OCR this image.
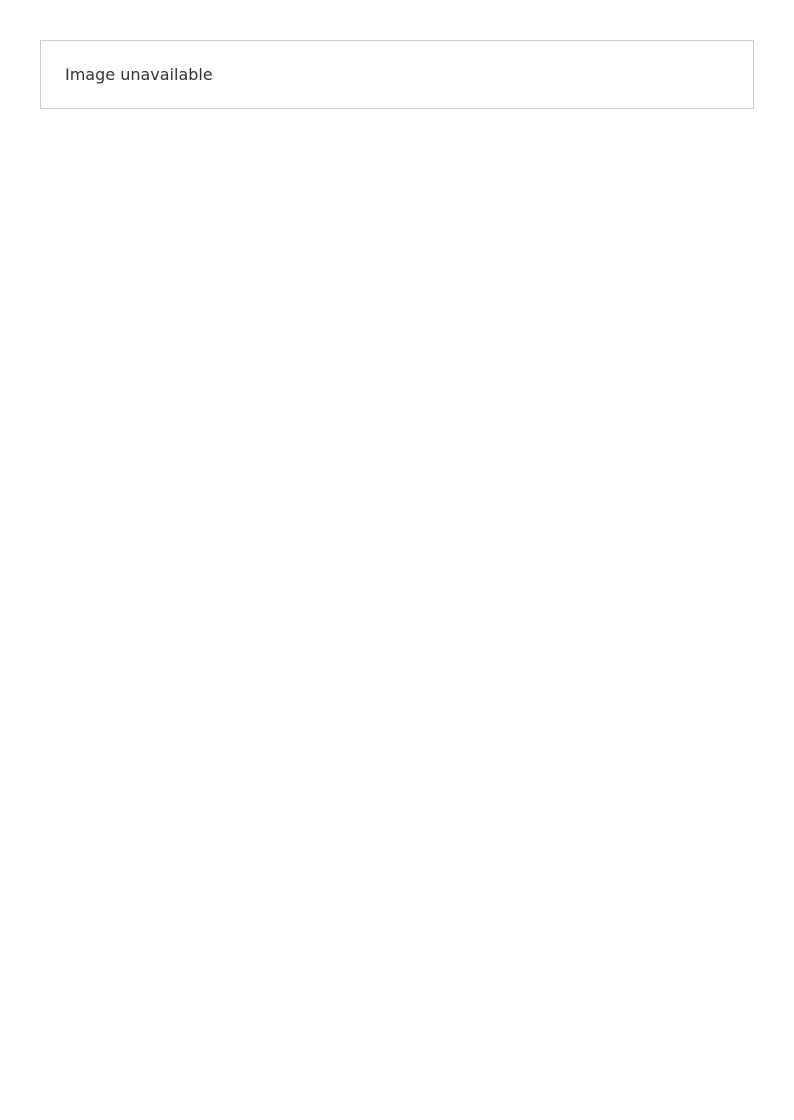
Image unavailable
